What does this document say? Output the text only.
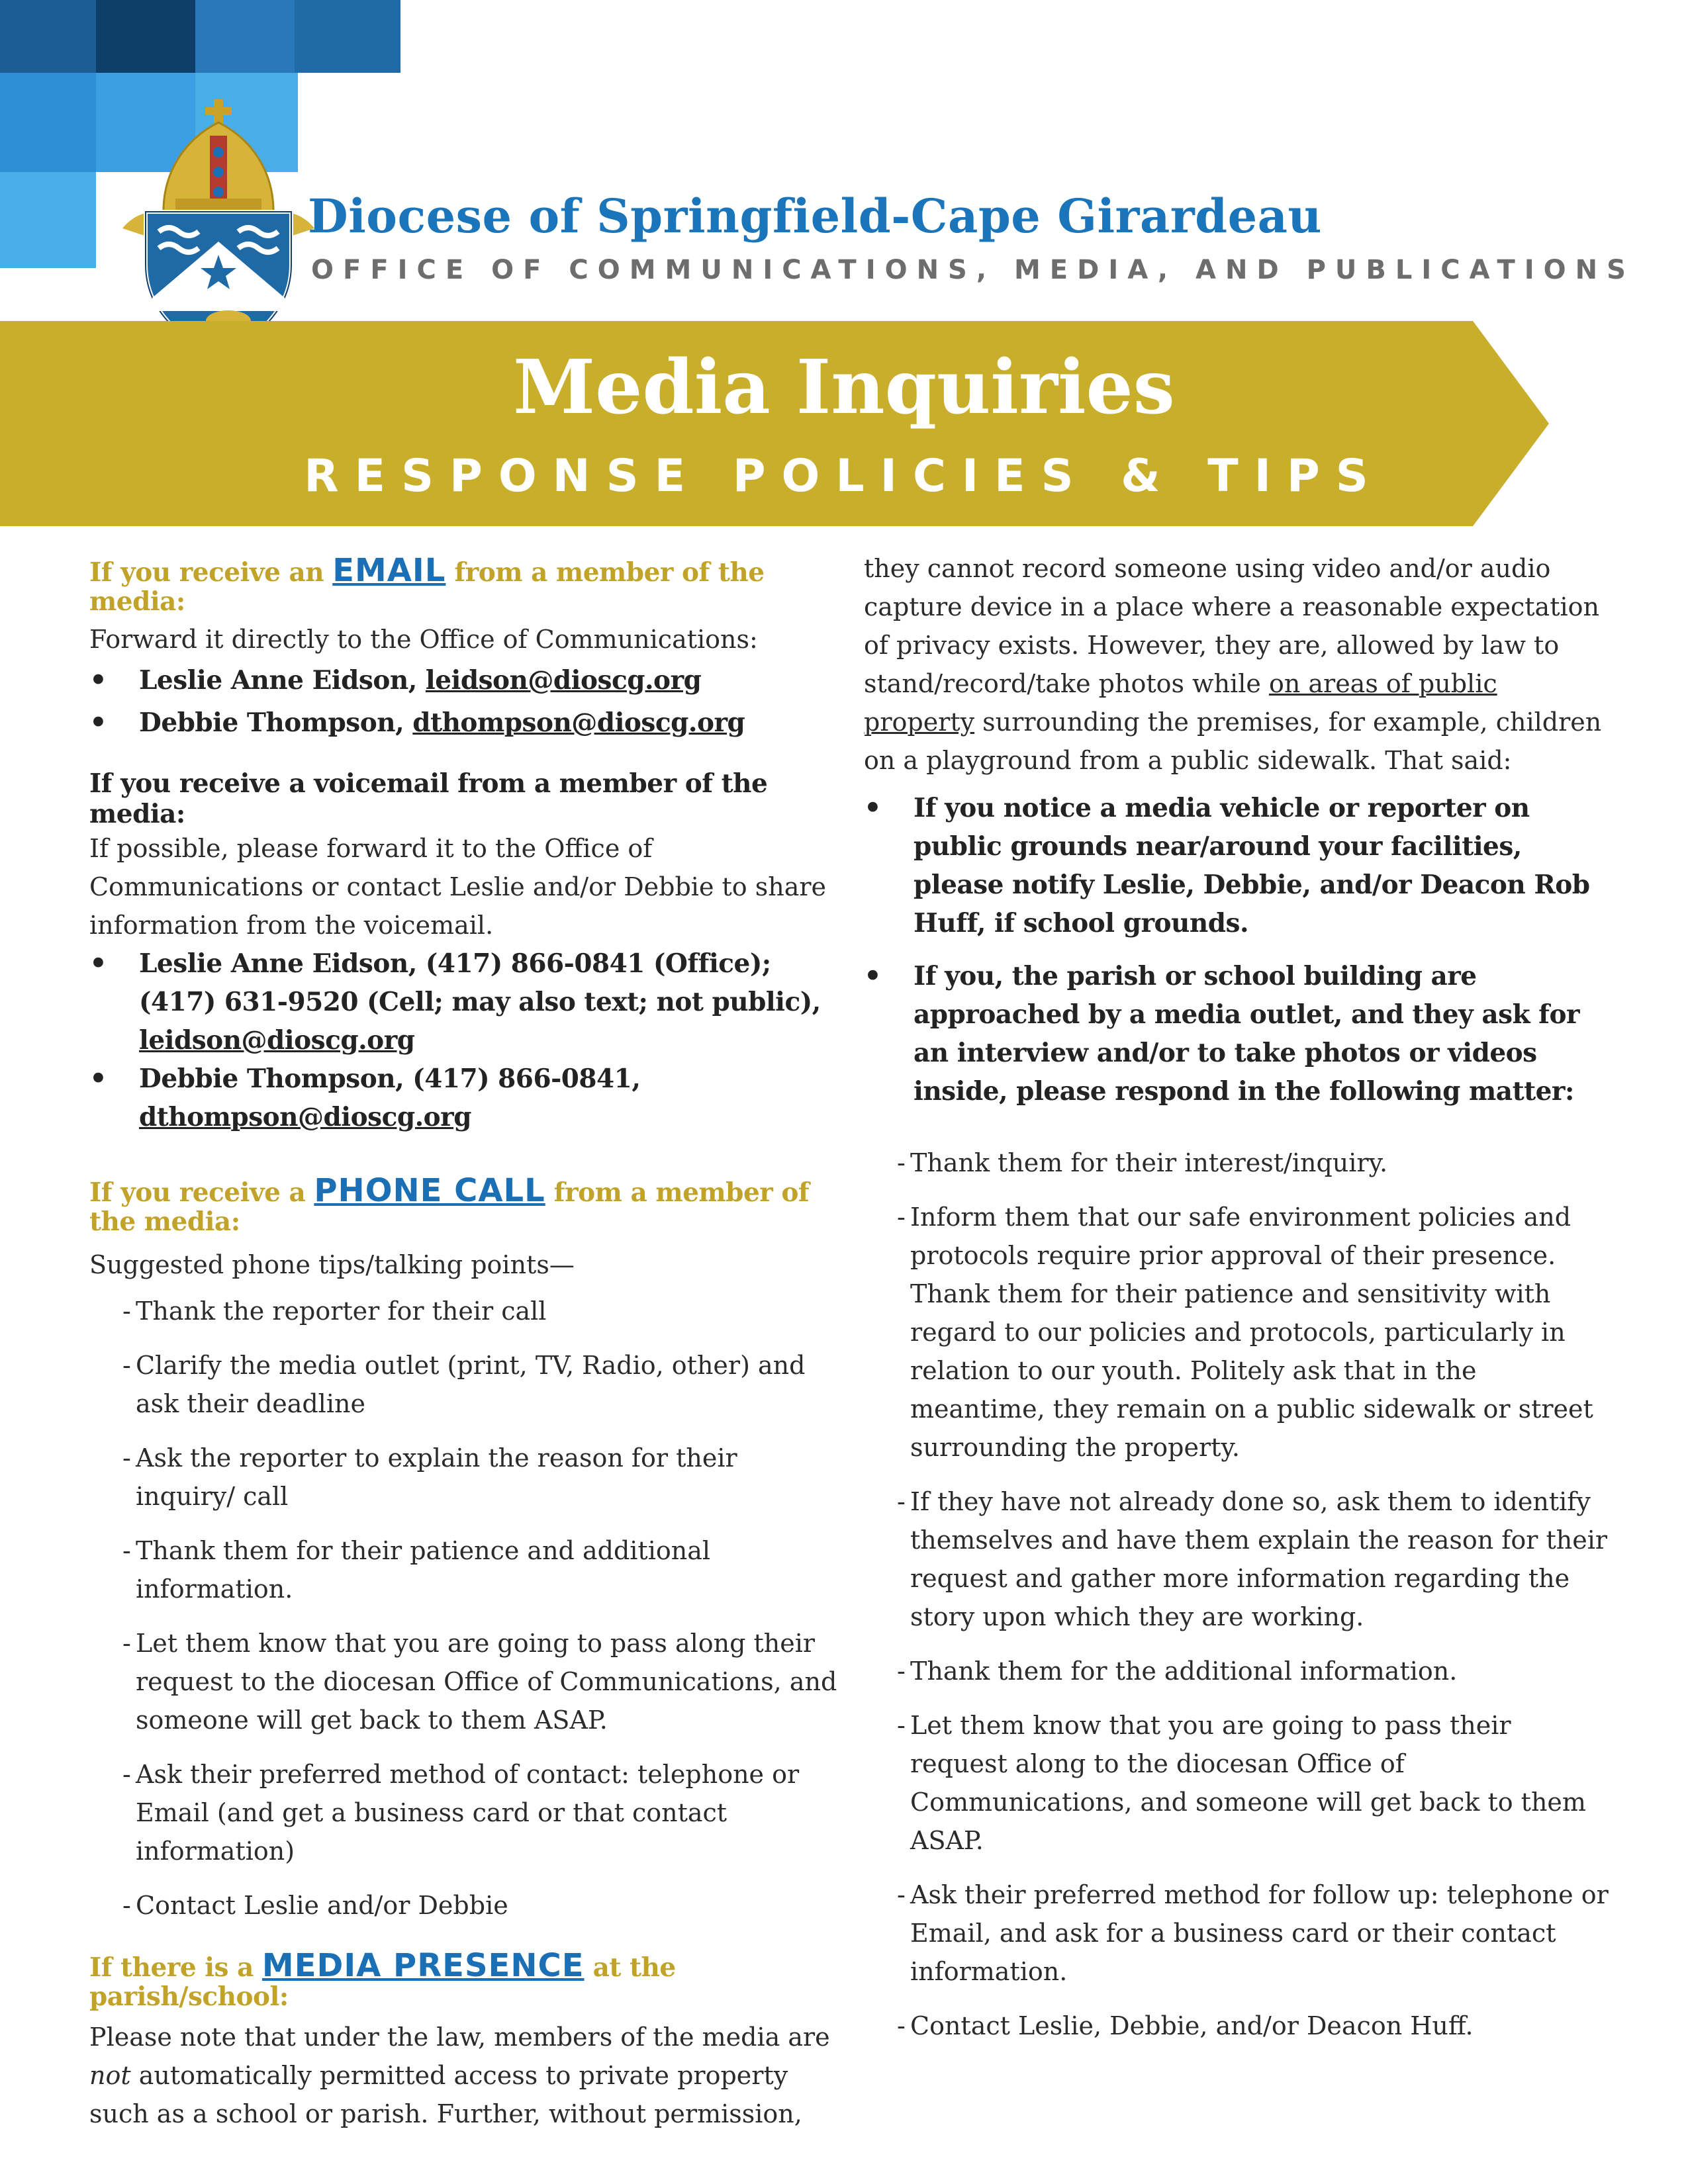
Diocese of Springfield-Cape Girardeau
OFFICE OF COMMUNICATIONS, MEDIA, AND PUBLICATIONS
Media Inquiries
RESPONSE POLICIES & TIPS

If you receive an EMAIL from a member of the media:

Forward it directly to the Office of Communications:

• Leslie Anne Eidson, leidson@dioscg.org
• Debbie Thompson, dthompson@dioscg.org

If you receive a voicemail from a member of the media:

If possible, please forward it to the Office of Communications or contact Leslie and/or Debbie to share information from the voicemail.

• Leslie Anne Eidson, (417) 866-0841 (Office);
(417) 631-9520 (Cell; may also text; not public),
leidson@dioscg.org
• Debbie Thompson, (417) 866-0841,
dthompson@dioscg.org

If you receive a PHONE CALL from a member of the media:

Suggested phone tips/talking points—

- Thank the reporter for their call
- Clarify the media outlet (print, TV, Radio, other) and ask their deadline
- Ask the reporter to explain the reason for their inquiry/ call
- Thank them for their patience and additional information.
- Let them know that you are going to pass along their request to the diocesan Office of Communications, and someone will get back to them ASAP.
- Ask their preferred method of contact: telephone or Email (and get a business card or that contact information)
- Contact Leslie and/or Debbie

If there is a MEDIA PRESENCE at the parish/school:

Please note that under the law, members of the media are not automatically permitted access to private property such as a school or parish. Further, without permission,

they cannot record someone using video and/or audio capture device in a place where a reasonable expectation of privacy exists. However, they are, allowed by law to stand/record/take photos while on areas of public property surrounding the premises, for example, children on a playground from a public sidewalk. That said:

• If you notice a media vehicle or reporter on public grounds near/around your facilities, please notify Leslie, Debbie, and/or Deacon Rob Huff, if school grounds.
• If you, the parish or school building are approached by a media outlet, and they ask for an interview and/or to take photos or videos inside, please respond in the following matter:
- Thank them for their interest/inquiry.
- Inform them that our safe environment policies and protocols require prior approval of their presence. Thank them for their patience and sensitivity with regard to our policies and protocols, particularly in relation to our youth. Politely ask that in the meantime, they remain on a public sidewalk or street surrounding the property.
- If they have not already done so, ask them to identify themselves and have them explain the reason for their request and gather more information regarding the story upon which they are working.
- Thank them for the additional information.
- Let them know that you are going to pass their request along to the diocesan Office of Communications, and someone will get back to them ASAP.
- Ask their preferred method for follow up: telephone or Email, and ask for a business card or their contact information.
- Contact Leslie, Debbie, and/or Deacon Huff.
